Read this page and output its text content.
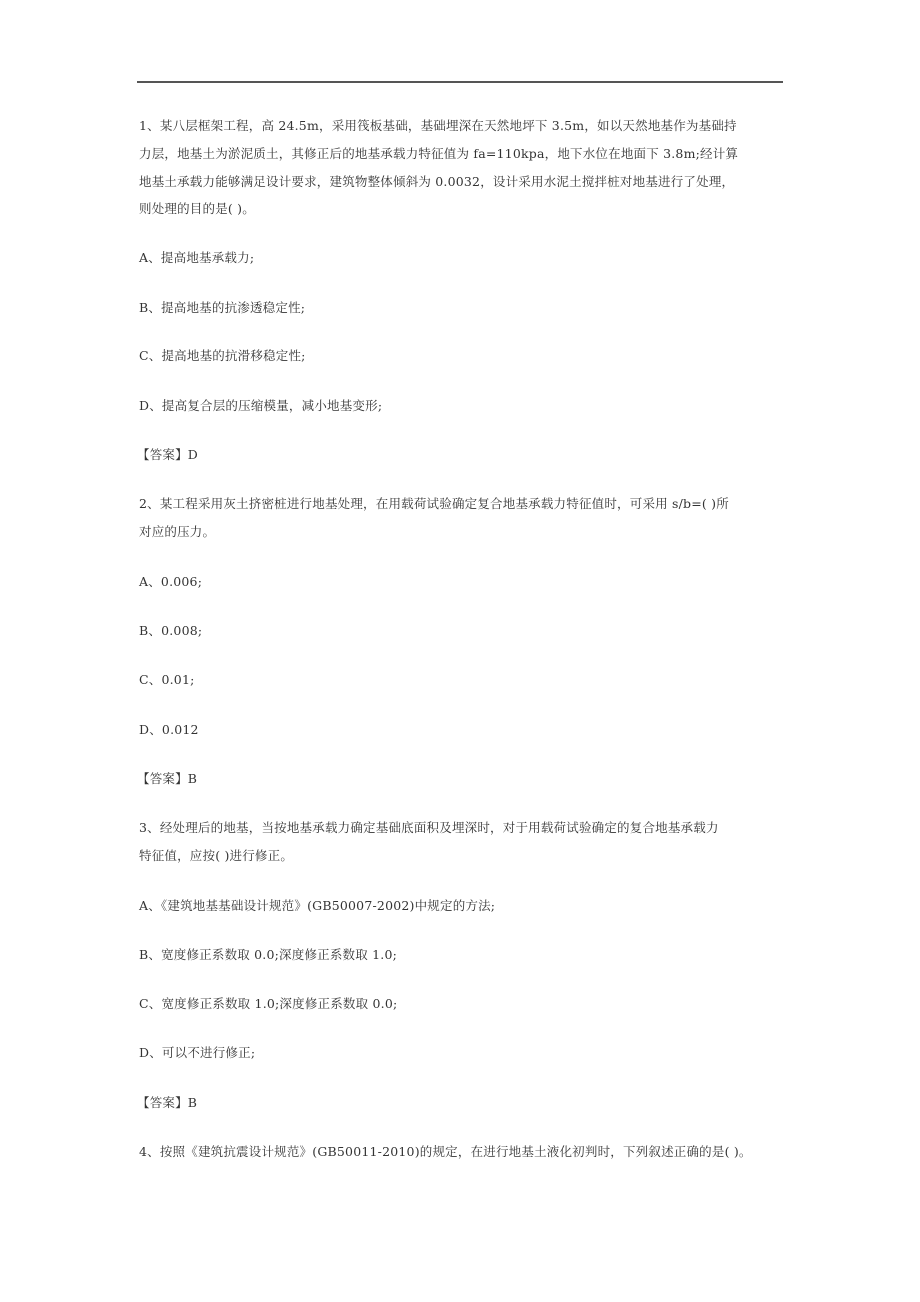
1、某八层框架工程，高 24.5m，采用筏板基础，基础埋深在天然地坪下 3.5m，如以天然地基作为基础持
力层，地基土为淤泥质土，其修正后的地基承载力特征值为 fa=110kpa，地下水位在地面下 3.8m;经计算
地基土承载力能够满足设计要求，建筑物整体倾斜为 0.0032，设计采用水泥土搅拌桩对地基进行了处理，
则处理的目的是( )。
A、提高地基承载力;
B、提高地基的抗渗透稳定性;
C、提高地基的抗滑移稳定性;
D、提高复合层的压缩模量，减小地基变形;
【答案】D
2、某工程采用灰土挤密桩进行地基处理，在用载荷试验确定复合地基承载力特征值时，可采用 s/b=( )所
对应的压力。
A、0.006;
B、0.008;
C、0.01;
D、0.012
【答案】B
3、经处理后的地基，当按地基承载力确定基础底面积及埋深时，对于用载荷试验确定的复合地基承载力
特征值，应按( )进行修正。
A、《建筑地基基础设计规范》(GB50007-2002)中规定的方法;
B、宽度修正系数取 0.0;深度修正系数取 1.0;
C、宽度修正系数取 1.0;深度修正系数取 0.0;
D、可以不进行修正;
【答案】B
4、按照《建筑抗震设计规范》(GB50011-2010)的规定，在进行地基土液化初判时，下列叙述正确的是( )。
